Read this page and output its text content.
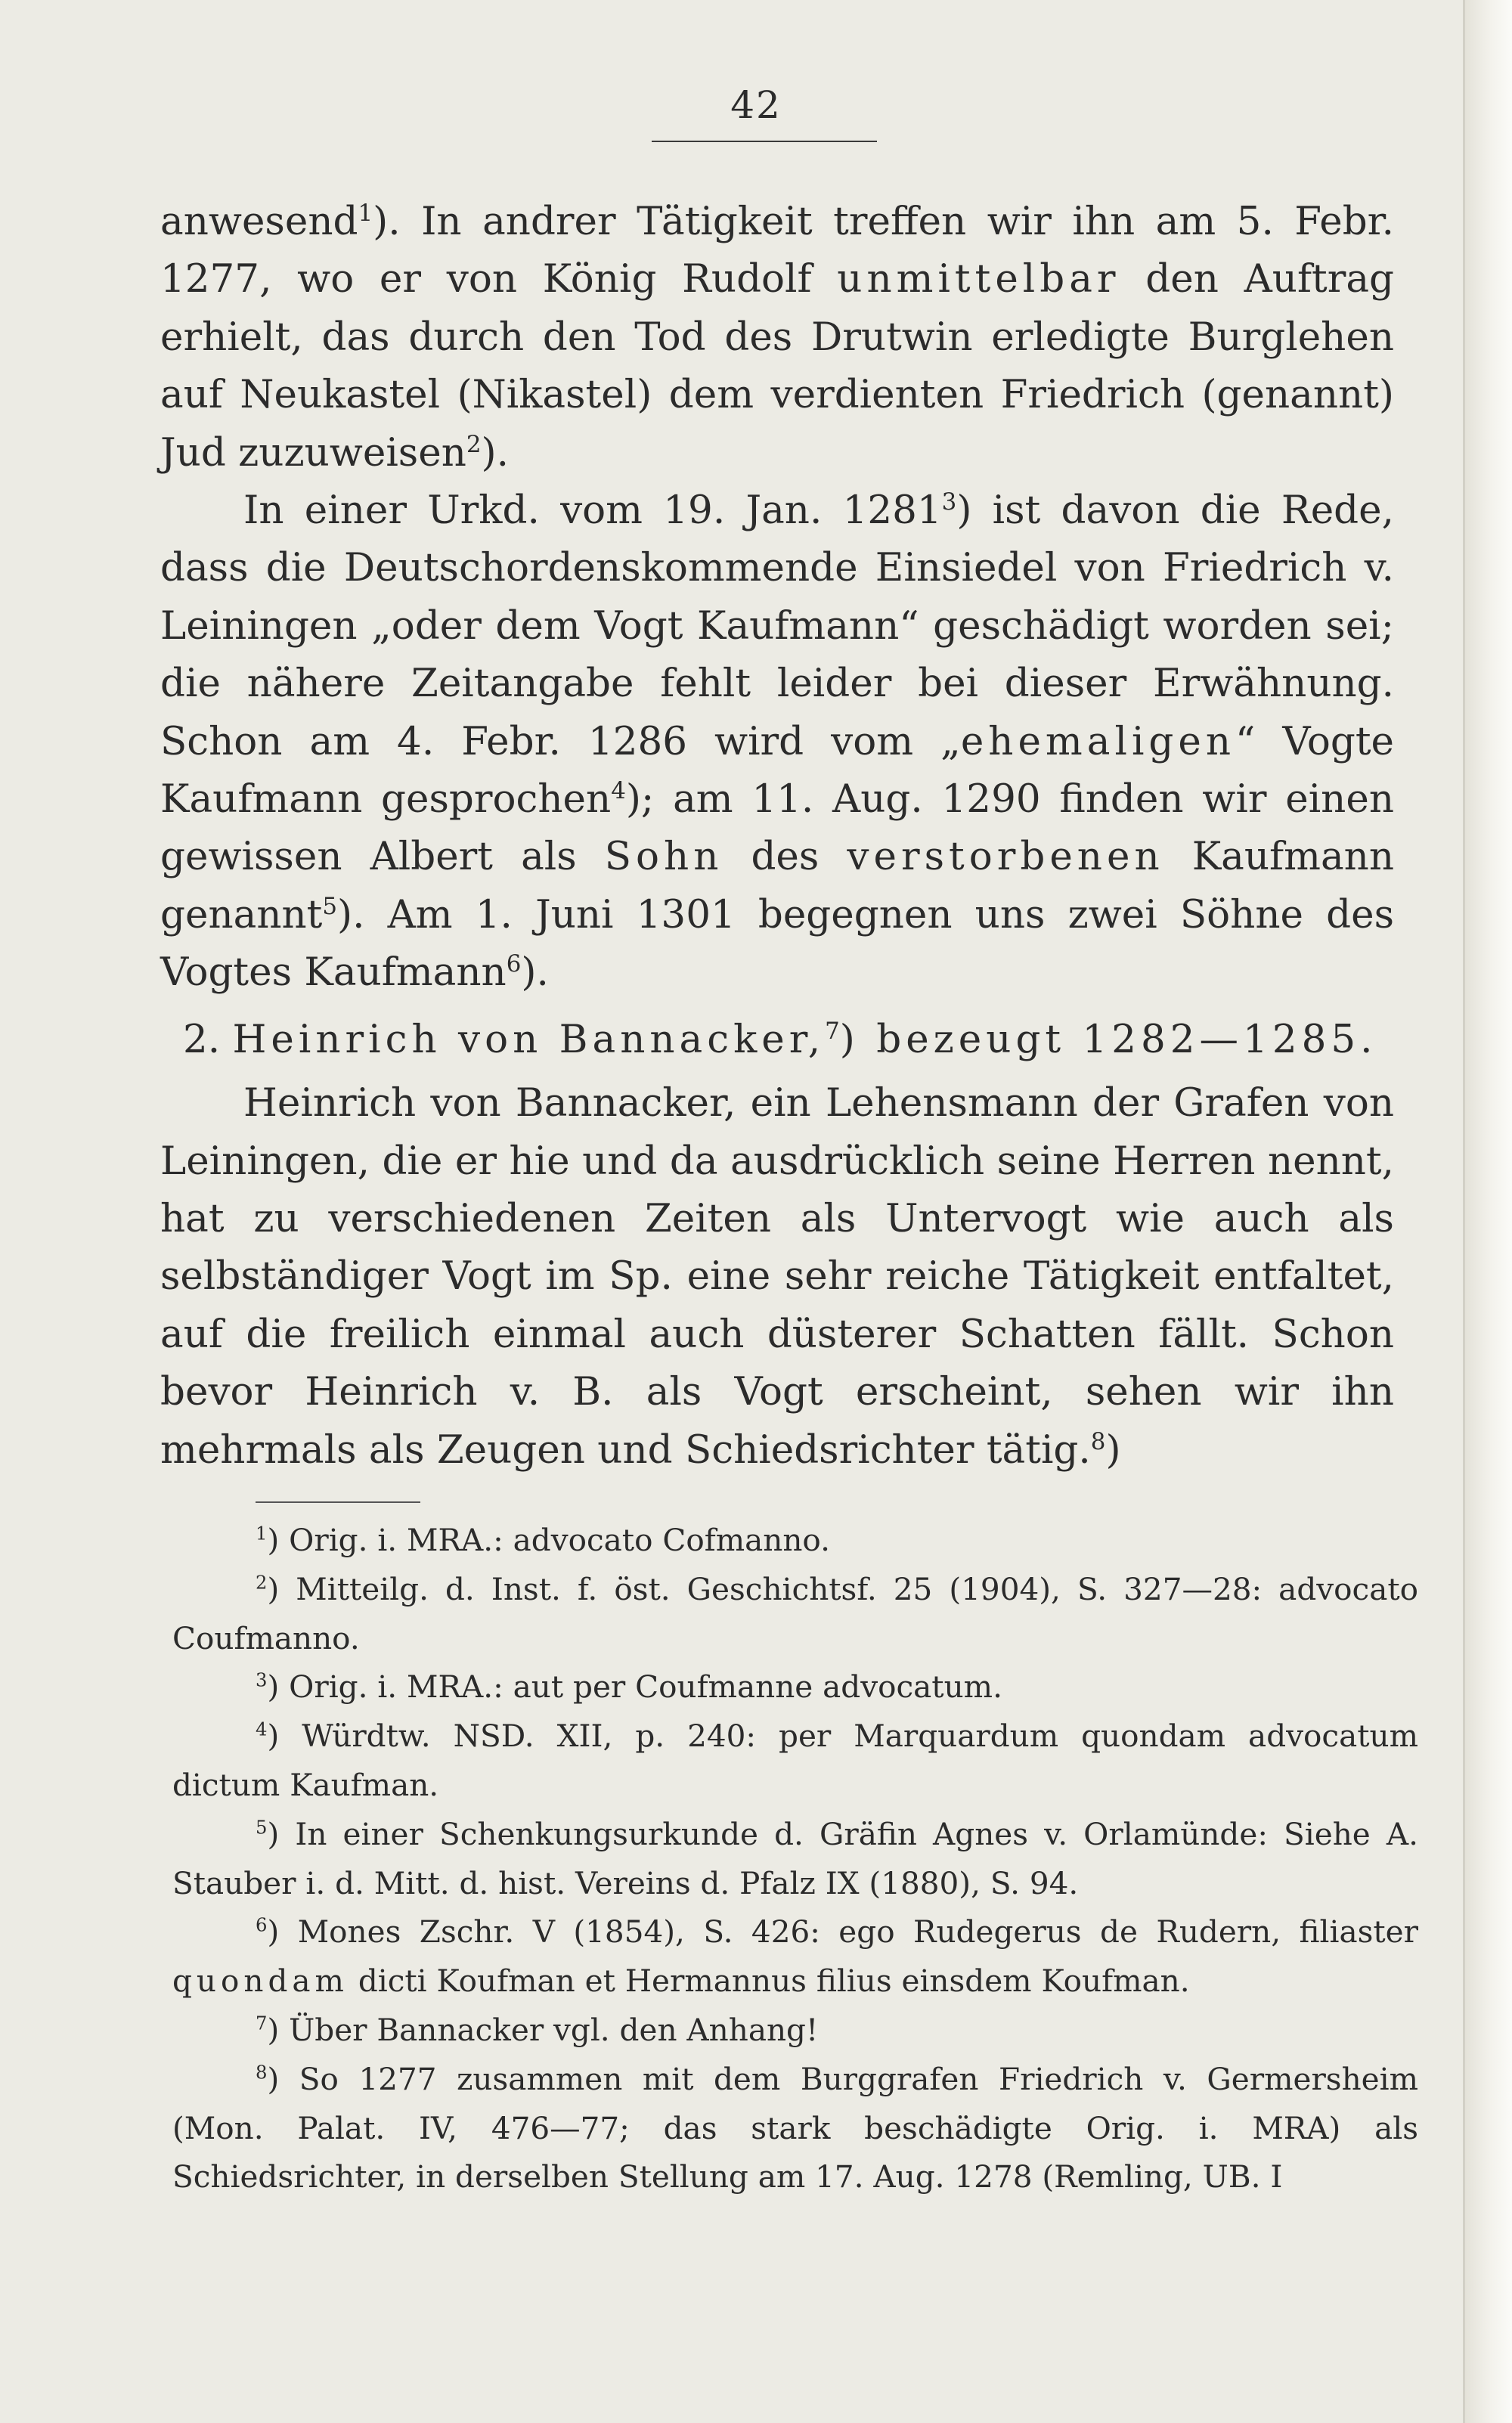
42

anwesend$^1$). In andrer Tätigkeit treffen wir ihn am 5. Febr. 1277, wo er von König Rudolf unmittelbar den Auftrag erhielt, das durch den Tod des Drutwin erledigte Burglehen auf Neukastel (Nikastel) dem verdienten Friedrich (genannt) Jud zuzuweisen$^2$).

In einer Urkd. vom 19. Jan. 1281$^3$) ist davon die Rede, dass die Deutschordenskommende Einsiedel von Friedrich v. Leiningen „oder dem Vogt Kaufmann“ geschädigt worden sei; die nähere Zeitangabe fehlt leider bei dieser Erwähnung. Schon am 4. Febr. 1286 wird vom „ehemaligen“ Vogte Kaufmann gesprochen$^4$); am 11. Aug. 1290 finden wir einen gewissen Albert als Sohn des verstorbenen Kaufmann genannt$^5$). Am 1. Juni 1301 begegnen uns zwei Söhne des Vogtes Kaufmann$^6$).

2. Heinrich von Bannacker,$^7$) bezeugt 1282—1285.

Heinrich von Bannacker, ein Lehensmann der Grafen von Leiningen, die er hie und da ausdrücklich seine Herren nennt, hat zu verschiedenen Zeiten als Untervogt wie auch als selbständiger Vogt im Sp. eine sehr reiche Tätigkeit entfaltet, auf die freilich einmal auch düsterer Schatten fällt. Schon bevor Heinrich v. B. als Vogt erscheint, sehen wir ihn mehrmals als Zeugen und Schiedsrichter tätig.$^8$)

$^1$) Orig. i. MRA.: advocato Cofmanno.

$^2$) Mitteilg. d. Inst. f. öst. Geschichtsf. 25 (1904), S. 327—28: advocato Coufmanno.

$^3$) Orig. i. MRA.: aut per Coufmanne advocatum.

$^4$) Würdtw. NSD. XII, p. 240: per Marquardum quondam advocatum dictum Kaufman.

$^5$) In einer Schenkungsurkunde d. Gräfin Agnes v. Orlamünde: Siehe A. Stauber i. d. Mitt. d. hist. Vereins d. Pfalz IX (1880), S. 94.

$^6$) Mones Zschr. V (1854), S. 426: ego Rudegerus de Rudern, filiaster quondam dicti Koufman et Hermannus filius einsdem Koufman.

$^7$) Über Bannacker vgl. den Anhang!

$^8$) So 1277 zusammen mit dem Burggrafen Friedrich v. Germersheim (Mon. Palat. IV, 476—77; das stark beschädigte Orig. i. MRA) als Schiedsrichter, in derselben Stellung am 17. Aug. 1278 (Remling, UB. I
